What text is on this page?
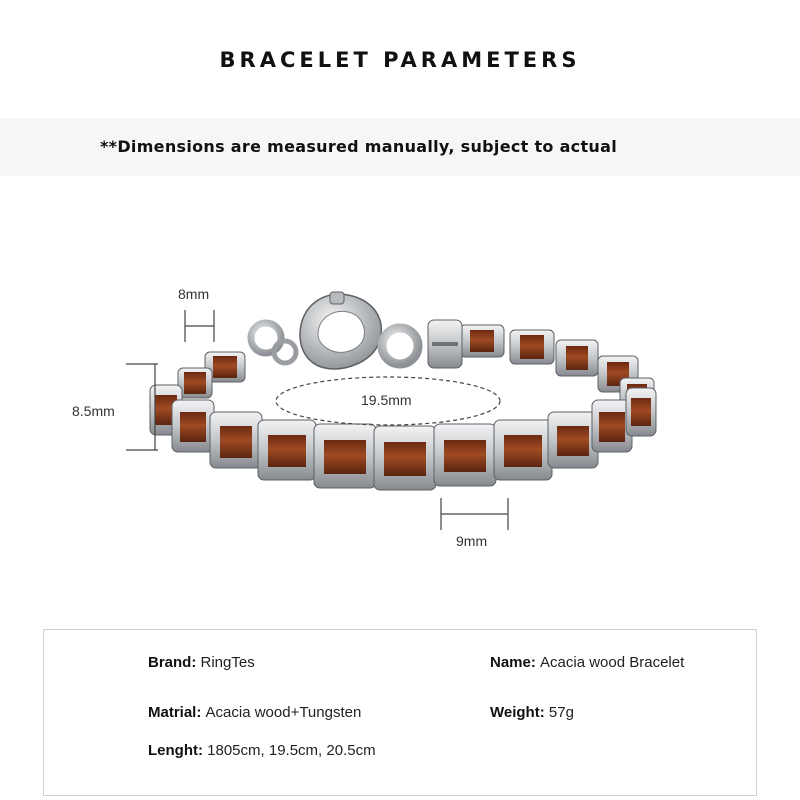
BRACELET PARAMETERS
**Dimensions are measured manually, subject to actual
8mm
8.5mm
19.5mm
9mm
Brand: RingTes	Name: Acacia wood Bracelet
Matrial: Acacia wood+Tungsten	Weight: 57g
Lenght: 1805cm, 19.5cm, 20.5cm
